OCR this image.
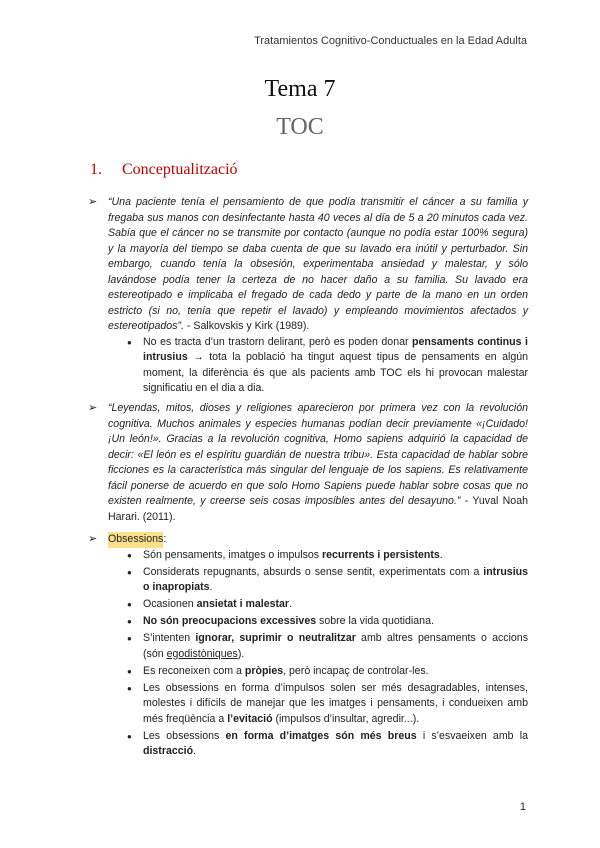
Tratamientos Cognitivo-Conductuales en la Edad Adulta
Tema 7
TOC
1. Conceptualització
➢	“Una paciente tenía el pensamiento de que podía transmitir el cáncer a su familia y fregaba sus manos con desinfectante hasta 40 veces al día de 5 a 20 minutos cada vez. Sabía que el cáncer no se transmite por contacto (aunque no podía estar 100% segura) y la mayoría del tiempo se daba cuenta de que su lavado era inútil y perturbador. Sin embargo, cuando tenía la obsesión, experimentaba ansiedad y malestar, y sólo lavándose podía tener la certeza de no hacer daño a su familia. Su lavado era estereotipado e implicaba el fregado de cada dedo y parte de la mano en un orden estricto (si no, tenía que repetir el lavado) y empleando movimientos afectados y estereotipados”. - Salkovskis y Kirk (1989).
● No es tracta d’un trastorn delirant, però es poden donar pensaments continus i intrusius → tota la població ha tingut aquest tipus de pensaments en algún moment, la diferència és que als pacients amb TOC els hi provocan malestar significatiu en el dia a dia.
➢	“Leyendas, mitos, dioses y religiones aparecieron por primera vez con la revolución cognitiva. Muchos animales y especies humanas podían decir previamente «¡Cuidado! ¡Un león!». Gracias a la revolución cognitiva, Homo sapiens adquirió la capacidad de decir: «El león es el espíritu guardián de nuestra tribu». Esta capacidad de hablar sobre ficciones es la característica más singular del lenguaje de los sapiens. Es relativamente fácil ponerse de acuerdo en que solo Homo Sapiens puede hablar sobre cosas que no existen realmente, y creerse seis cosas imposibles antes del desayuno.” - Yuval Noah Harari. (2011).
➢	Obsessions:
● Són pensaments, imatges o impulsos recurrents i persistents.
● Considerats repugnants, absurds o sense sentit, experimentats com a intrusius o inapropiats.
● Ocasionen ansietat i malestar.
● No són preocupacions excessives sobre la vida quotidiana.
● S’intenten ignorar, suprimir o neutralitzar amb altres pensaments o accions (són egodistòniques).
● Es reconeixen com a pròpies, però incapaç de controlar-les.
● Les obsessions en forma d’impulsos solen ser més desagradables, intenses, molestes i difícils de manejar que les imatges i pensaments, i condueixen amb més freqüència a l’evitació (impulsos d’insultar, agredir...).
● Les obsessions en forma d’imatges són més breus i s’esvaeixen amb la distracció.
1
